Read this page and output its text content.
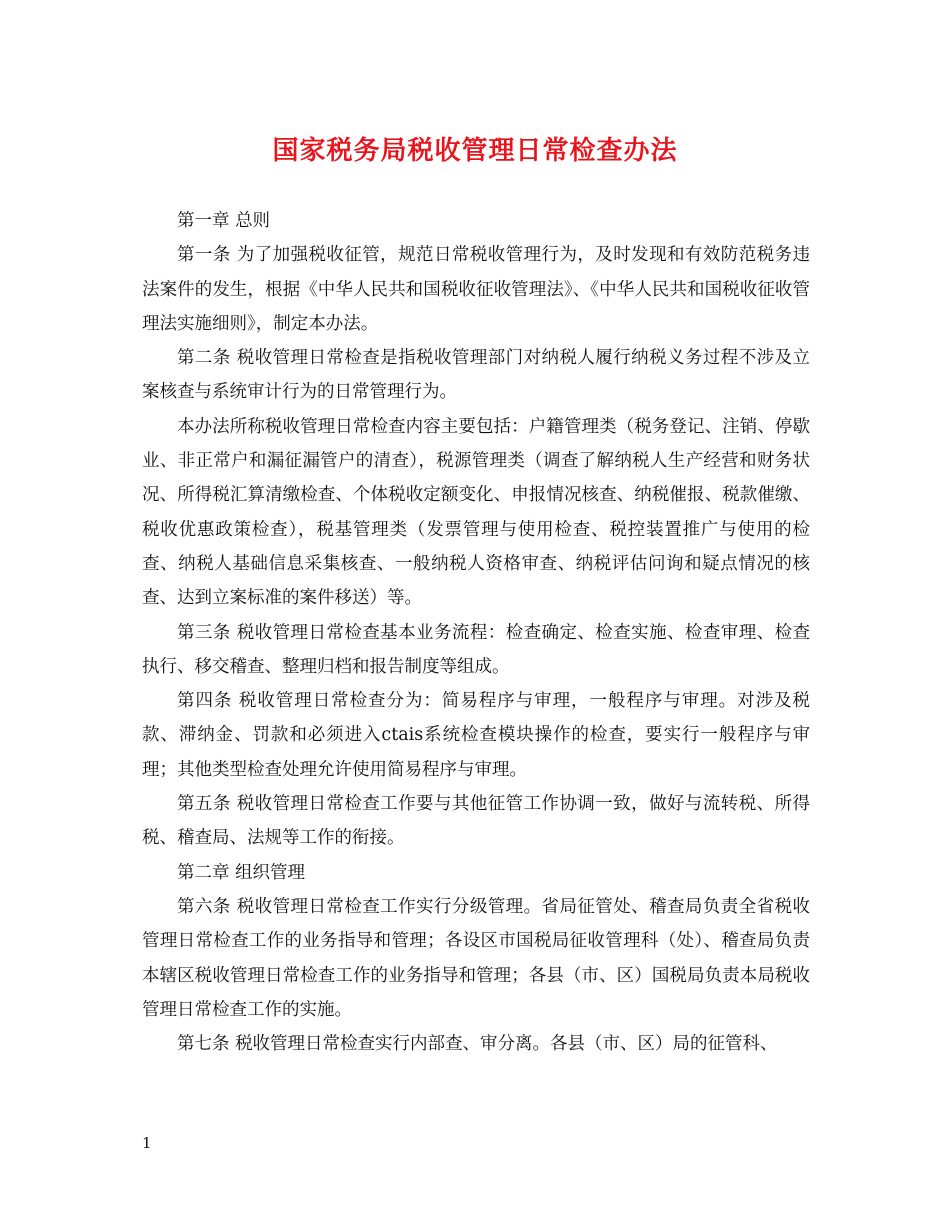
国家税务局税收管理日常检查办法

第一章 总则

第一条 为了加强税收征管，规范日常税收管理行为，及时发现和有效防范税务违法案件的发生，根据《中华人民共和国税收征收管理法》、《中华人民共和国税收征收管理法实施细则》，制定本办法。

第二条 税收管理日常检查是指税收管理部门对纳税人履行纳税义务过程不涉及立案核查与系统审计行为的日常管理行为。

本办法所称税收管理日常检查内容主要包括：户籍管理类（税务登记、注销、停歇业、非正常户和漏征漏管户的清查），税源管理类（调查了解纳税人生产经营和财务状况、所得税汇算清缴检查、个体税收定额变化、申报情况核查、纳税催报、税款催缴、税收优惠政策检查），税基管理类（发票管理与使用检查、税控装置推广与使用的检查、纳税人基础信息采集核查、一般纳税人资格审查、纳税评估问询和疑点情况的核查、达到立案标准的案件移送）等。

第三条 税收管理日常检查基本业务流程：检查确定、检查实施、检查审理、检查执行、移交稽查、整理归档和报告制度等组成。

第四条 税收管理日常检查分为：简易程序与审理，一般程序与审理。对涉及税款、滞纳金、罚款和必须进入ctais系统检查模块操作的检查，要实行一般程序与审理；其他类型检查处理允许使用简易程序与审理。

第五条 税收管理日常检查工作要与其他征管工作协调一致，做好与流转税、所得税、稽查局、法规等工作的衔接。

第二章 组织管理

第六条 税收管理日常检查工作实行分级管理。省局征管处、稽查局负责全省税收管理日常检查工作的业务指导和管理；各设区市国税局征收管理科（处）、稽查局负责本辖区税收管理日常检查工作的业务指导和管理；各县（市、区）国税局负责本局税收管理日常检查工作的实施。

第七条 税收管理日常检查实行内部查、审分离。各县（市、区）局的征管科、

1
